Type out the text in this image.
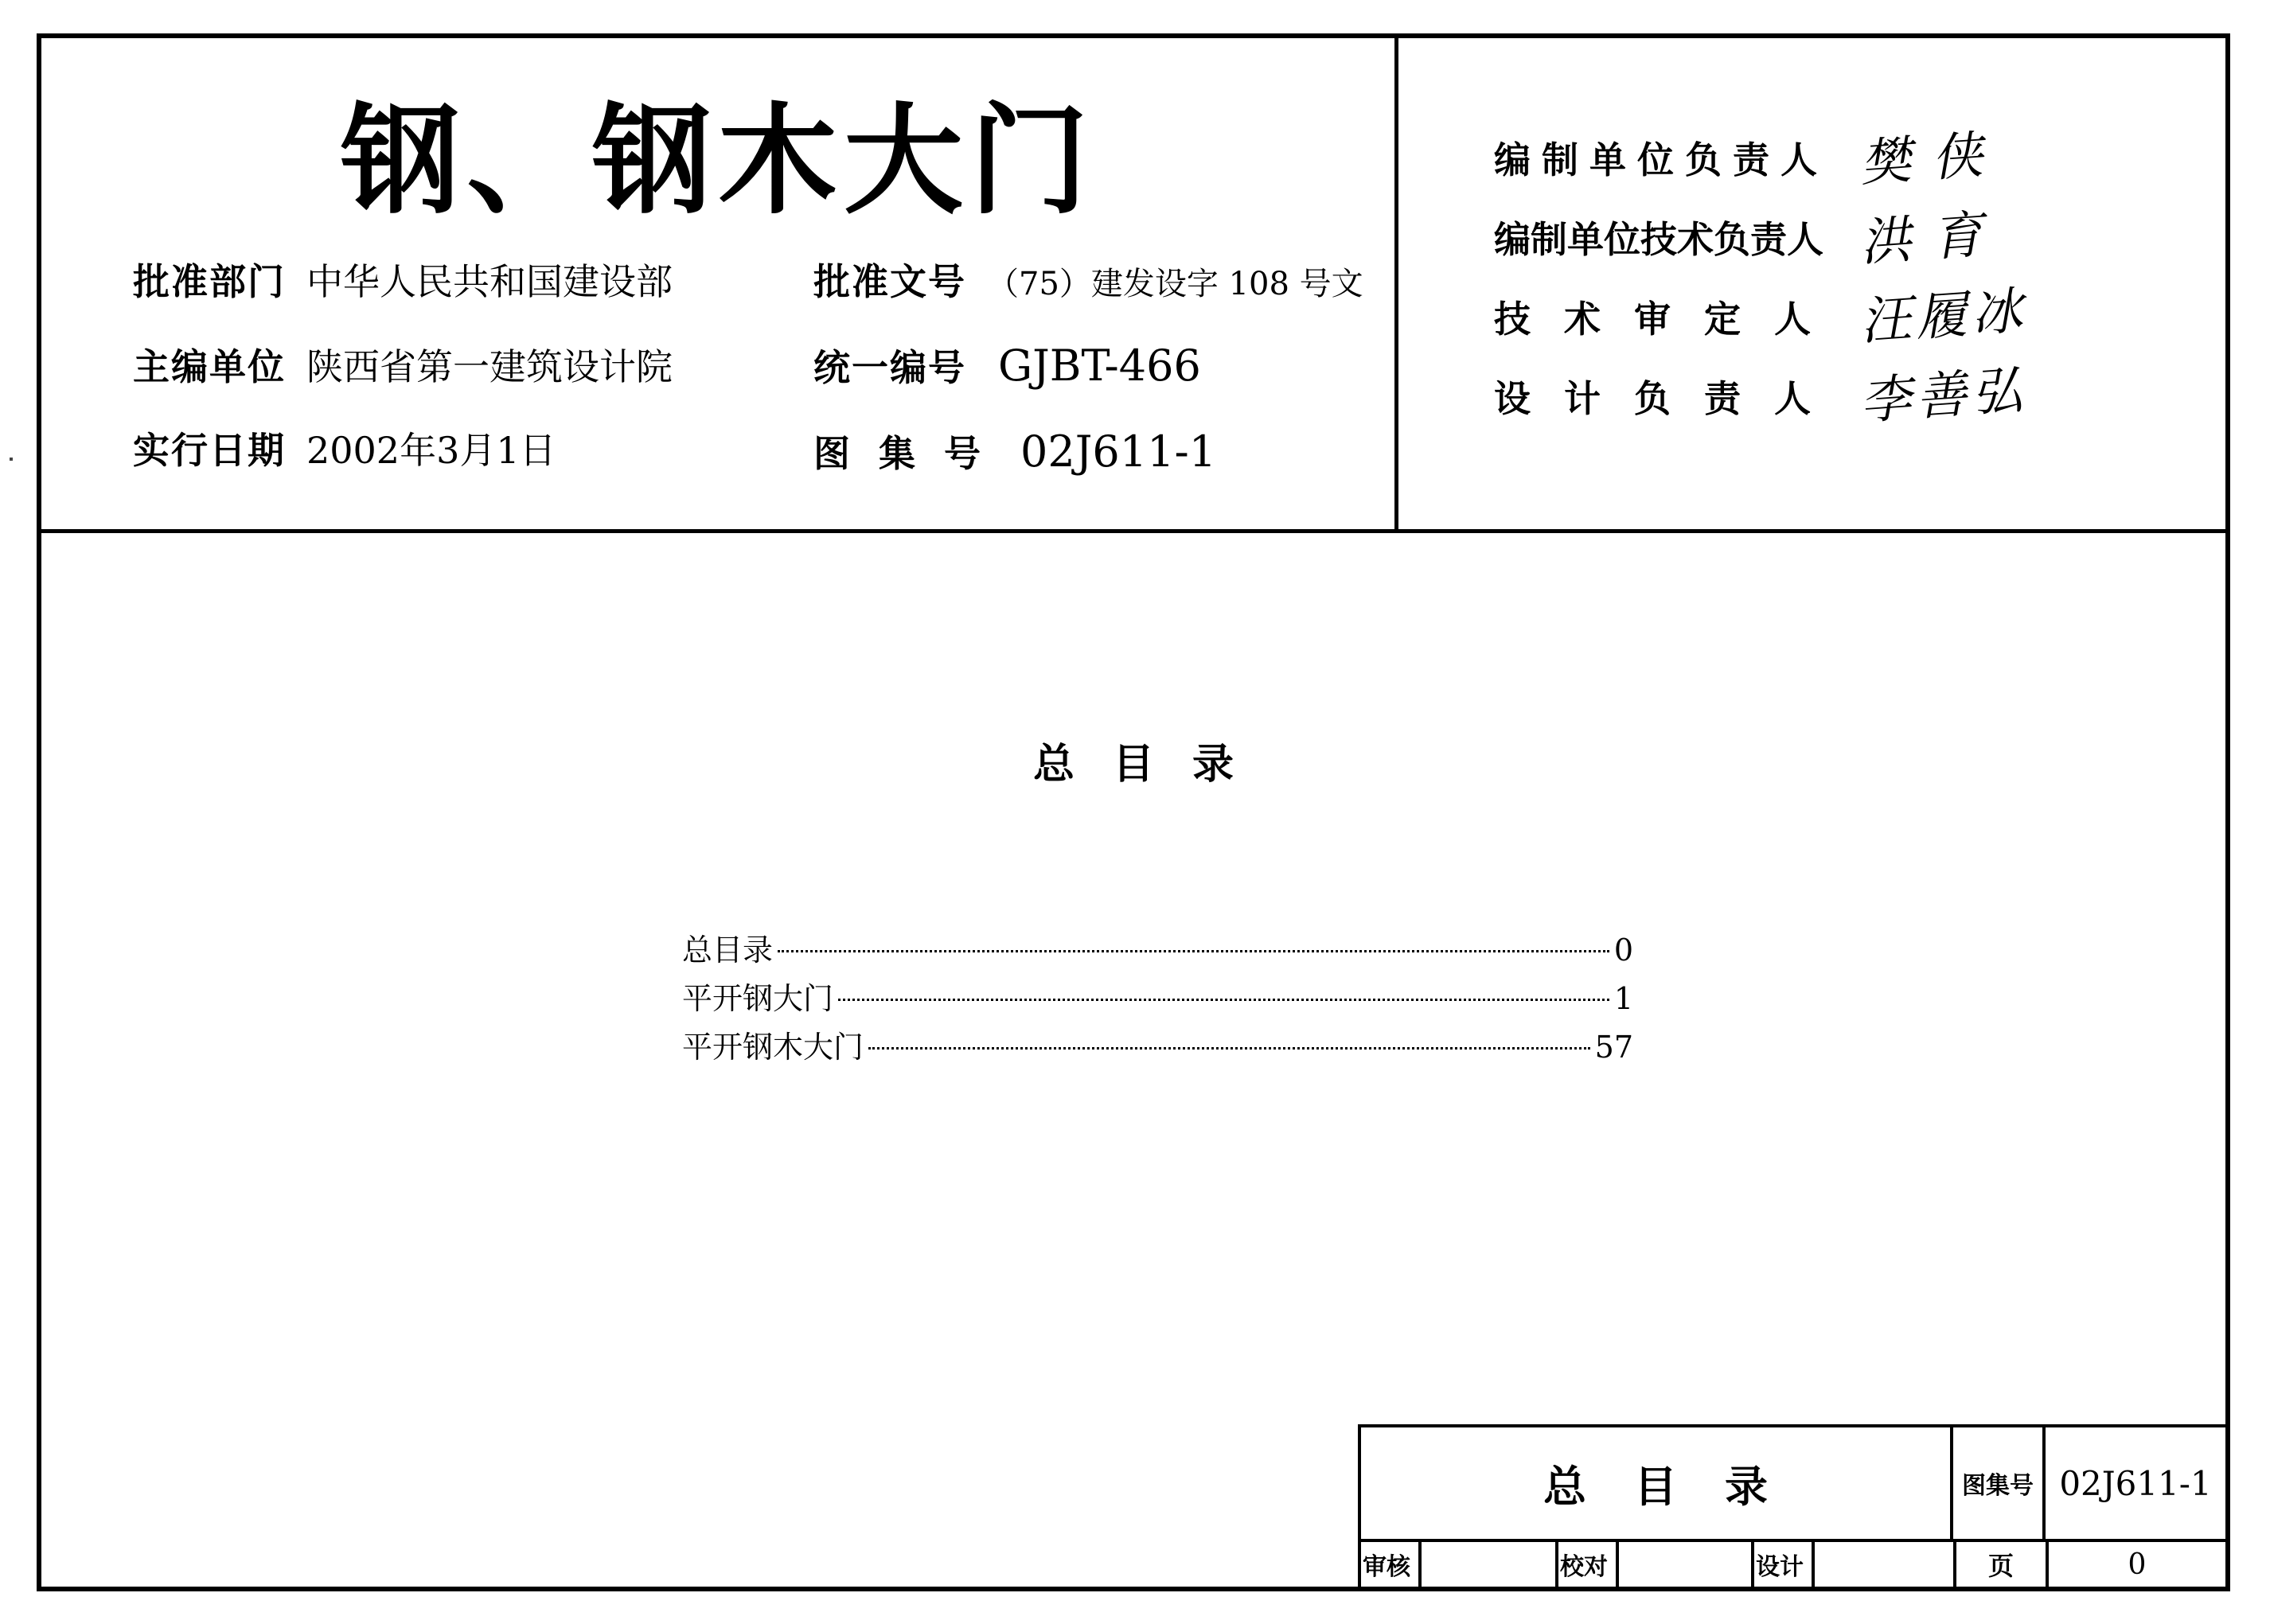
钢、钢木大门
批准部门 中华人民共和国建设部	批准文号 （75）建发设字 108 号文
主编单位 陕西省第一建筑设计院	统一编号 GJBT-466
实行日期 2002年3月1日	图 集 号 02J611-1
编制单位负责人 樊侠
编制单位技术负责人 洪育
技术审定人 汪履冰
设计负责人 李善弘
总目录
总目录	0
平开钢大门	1
平开钢木大门	57
总目录	图集号 02J611-1
审核	校对	设计	页	0
